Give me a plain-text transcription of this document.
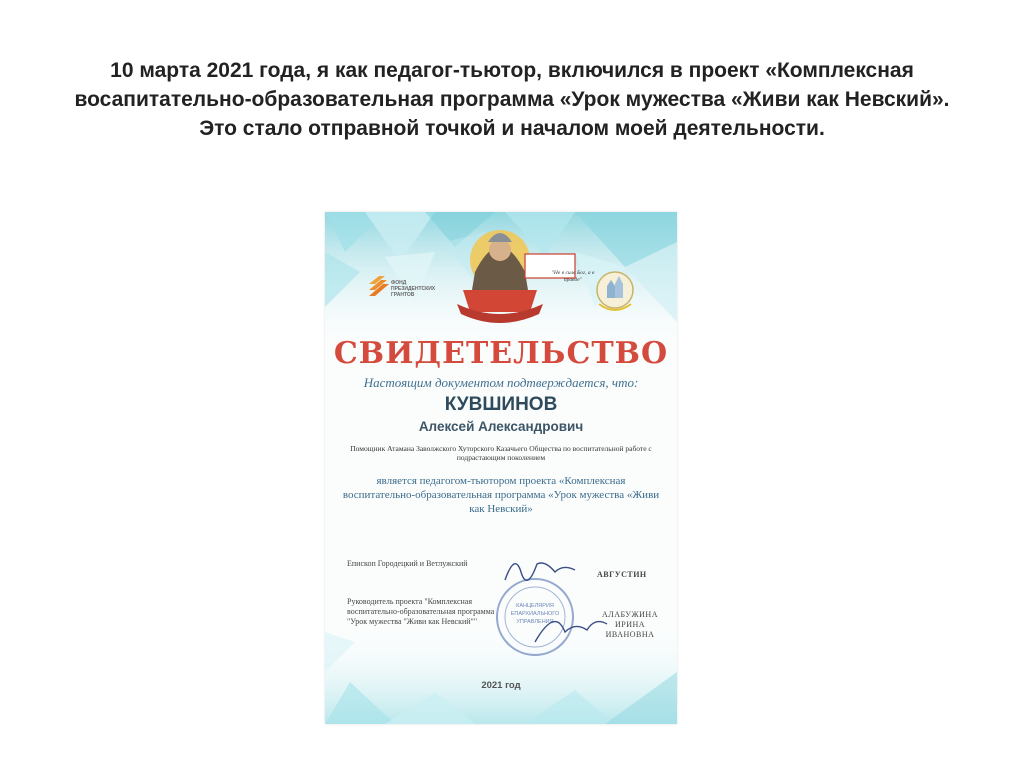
10 марта 2021 года, я как педагог-тьютор, включился в проект «Комплексная восапитательно-образовательная программа «Урок мужества «Живи как Невский». Это стало отправной точкой и началом моей деятельности.
КАНЦЕЛЯРИЯ
ЕПАРХИАЛЬНОГО
УПРАВЛЕНИЯ
ФОНД ПРЕЗИДЕНТСКИХ ГРАНТОВ
"Не в силе Бог, а в правде"
СВИДЕТЕЛЬСТВО
Настоящим документом подтверждается, что:
КУВШИНОВ
Алексей Александрович
Помощник Атамана Заволжского Хуторского Казачьего Общества по воспитательной работе с подрастающим поколением
является педагогом-тьютором проекта «Комплексная воспитательно-образовательная программа «Урок мужества «Живи как Невский»
Епископ Городецкий и Ветлужский
АВГУСТИН
Руководитель проекта "Комплексная воспитательно-образовательная программа "Урок мужества "Живи как Невский""
АЛАБУЖИНА ИРИНА ИВАНОВНА
2021 год
